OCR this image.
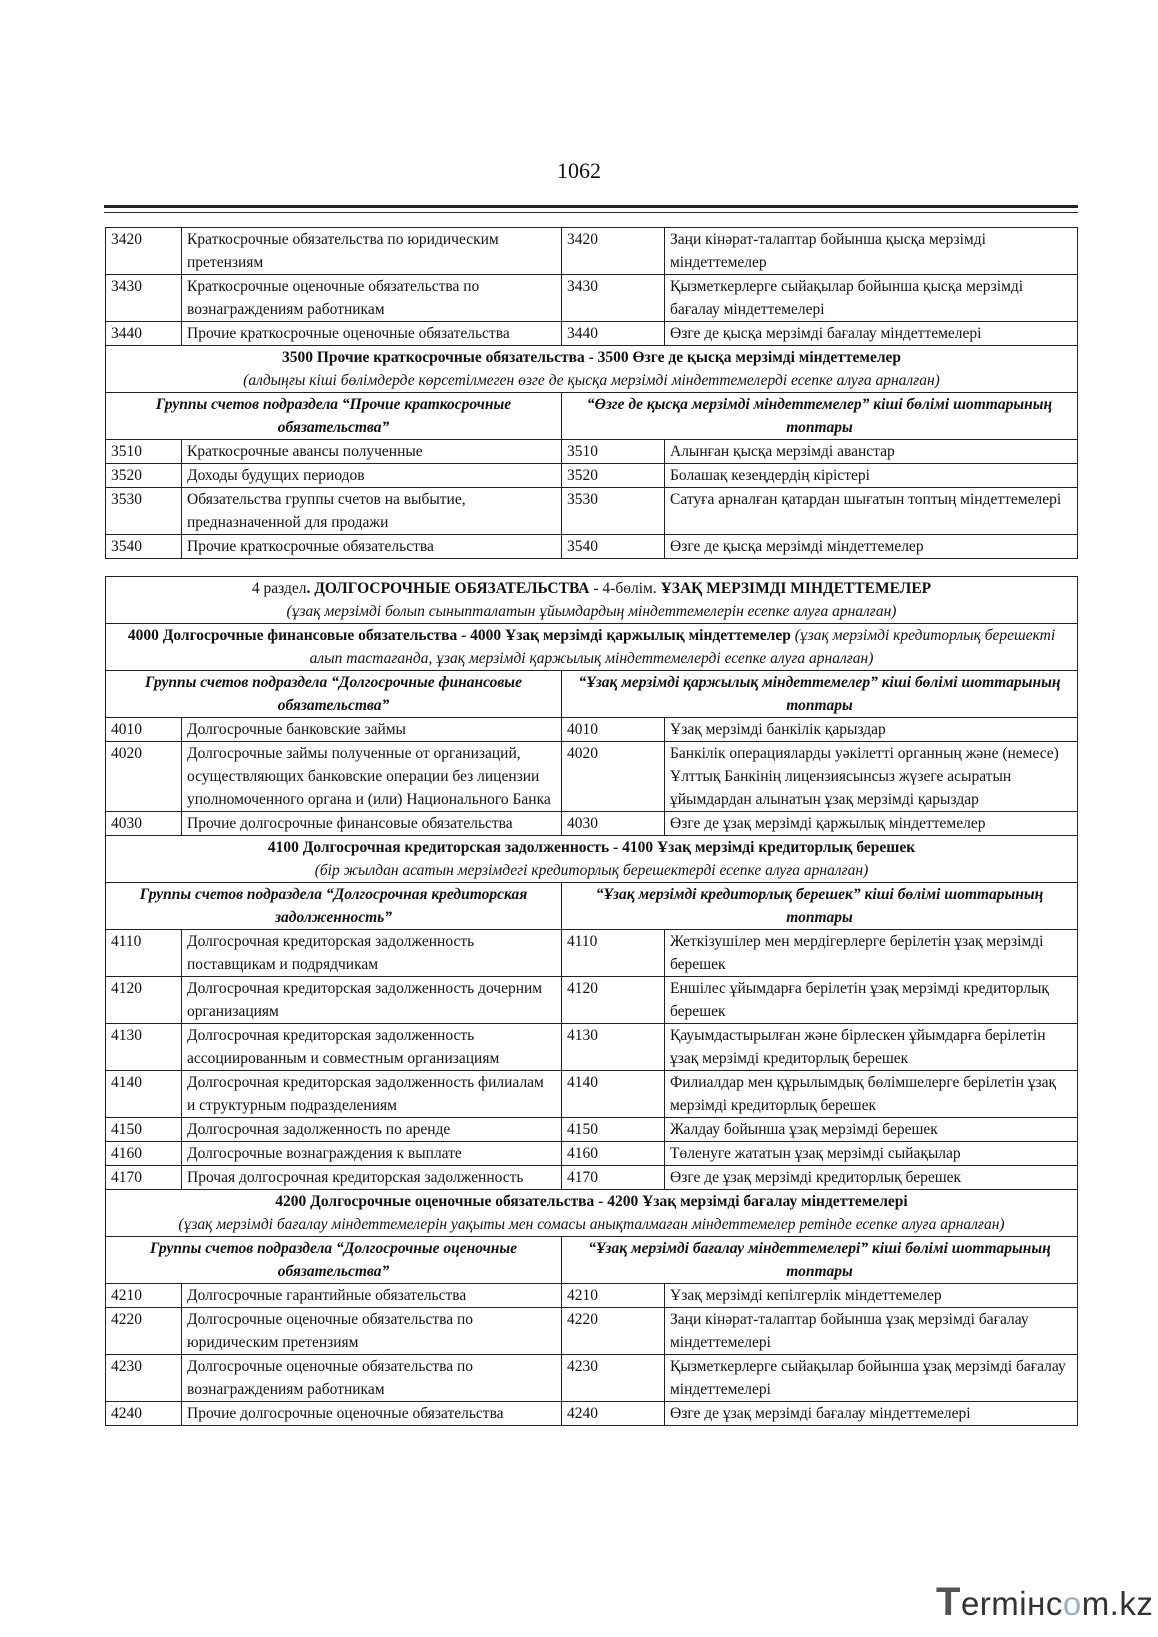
1062
3420	Краткосрочные обязательства по юридическим претензиям	3420	Заңи кінәрат-талаптар бойынша қысқа мерзімді міндеттемелер
3430	Краткосрочные оценочные обязательства по вознаграждениям работникам	3430	Қызметкерлерге сыйақылар бойынша қысқа мерзімді бағалау міндеттемелері
3440	Прочие краткосрочные оценочные обязательства	3440	Өзге де қысқа мерзімді бағалау міндеттемелері

3500 Прочие краткосрочные обязательства - 3500 Өзге де қысқа мерзімді міндеттемелер
(алдыңғы кіші бөлімдерде көрсетілмеген өзге де қысқа мерзімді міндеттемелерді есепке алуға арналған)			

Группы счетов подраздела “Прочие краткосрочные обязательства”		“Өзге де қысқа мерзімді міндеттемелер” кіші бөлімі шоттарының топтары	
3510	Краткосрочные авансы полученные	3510	Алынған қысқа мерзімді аванстар
3520	Доходы будущих периодов	3520	Болашақ кезеңдердің кірістері
3530	Обязательства группы счетов на выбытие, предназначенной для продажи	3530	Сатуға арналған қатардан шығатын топтың міндеттемелері
3540	Прочие краткосрочные обязательства	3540	Өзге де қысқа мерзімді міндеттемелер
4 раздел. ДОЛГОСРОЧНЫЕ ОБЯЗАТЕЛЬСТВА - 4-бөлім. ҰЗАҚ МЕРЗІМДІ МІНДЕТТЕМЕЛЕР
(ұзақ мерзімді болып сыныпталатын ұйымдардың міндеттемелерін есепке алуға арналған)			

4000 Долгосрочные финансовые обязательства - 4000 Ұзақ мерзімді қаржылық міндеттемелер (ұзақ мерзімді кредиторлық берешекті алып тастағанда, ұзақ мерзімді қаржылық міндеттемелерді есепке алуға арналған)			
Группы счетов подраздела “Долгосрочные финансовые обязательства”		“Ұзақ мерзімді қаржылық міндеттемелер” кіші бөлімі шоттарының топтары	
4010	Долгосрочные банковские займы	4010	Ұзақ мерзімді банкілік қарыздар
4020	Долгосрочные займы полученные от организаций, осуществляющих банковские операции без лицензии уполномоченного органа и (или) Национального Банка	4020	Банкілік операцияларды уәкілетті органның және (немесе) Ұлттық Банкінің лицензиясынсыз жүзеге асыратын ұйымдардан алынатын ұзақ мерзімді қарыздар
4030	Прочие долгосрочные финансовые обязательства	4030	Өзге де ұзақ мерзімді қаржылық міндеттемелер

4100 Долгосрочная кредиторская задолженность - 4100 Ұзақ мерзімді кредиторлық берешек
(бір жылдан асатын мерзімдегі кредиторлық берешектерді есепке алуға арналған)			

Группы счетов подраздела “Долгосрочная кредиторская задолженность”		“Ұзақ мерзімді кредиторлық берешек” кіші бөлімі шоттарының топтары	
4110	Долгосрочная кредиторская задолженность поставщикам и подрядчикам	4110	Жеткізушілер мен мердігерлерге берілетін ұзақ мерзімді берешек
4120	Долгосрочная кредиторская задолженность дочерним организациям	4120	Еншілес ұйымдарға берілетін ұзақ мерзімді кредиторлық берешек
4130	Долгосрочная кредиторская задолженность ассоциированным и совместным организациям	4130	Қауымдастырылған және бірлескен ұйымдарға берілетін ұзақ мерзімді кредиторлық берешек
4140	Долгосрочная кредиторская задолженность филиалам и структурным подразделениям	4140	Филиалдар мен құрылымдық бөлімшелерге берілетін ұзақ мерзімді кредиторлық берешек
4150	Долгосрочная задолженность по аренде	4150	Жалдау бойынша ұзақ мерзімді берешек
4160	Долгосрочные вознаграждения к выплате	4160	Төленуге жататын ұзақ мерзімді сыйақылар
4170	Прочая долгосрочная кредиторская задолженность	4170	Өзге де ұзақ мерзімді кредиторлық берешек

4200 Долгосрочные оценочные обязательства - 4200 Ұзақ мерзімді бағалау міндеттемелері
(ұзақ мерзімді бағалау міндеттемелерін уақыты мен сомасы анықталмаған міндеттемелер ретінде есепке алуға арналған)			

Группы счетов подраздела “Долгосрочные оценочные обязательства”		“Ұзақ мерзімді бағалау міндеттемелері” кіші бөлімі шоттарының топтары	
4210	Долгосрочные гарантийные обязательства	4210	Ұзақ мерзімді кепілгерлік міндеттемелер
4220	Долгосрочные оценочные обязательства по юридическим претензиям	4220	Заңи кінәрат-талаптар бойынша ұзақ мерзімді бағалау міндеттемелері
4230	Долгосрочные оценочные обязательства по вознаграждениям работникам	4230	Қызметкерлерге сыйақылар бойынша ұзақ мерзімді бағалау міндеттемелері
4240	Прочие долгосрочные оценочные обязательства	4240	Өзге де ұзақ мерзімді бағалау міндеттемелері
Termінcom.kz
